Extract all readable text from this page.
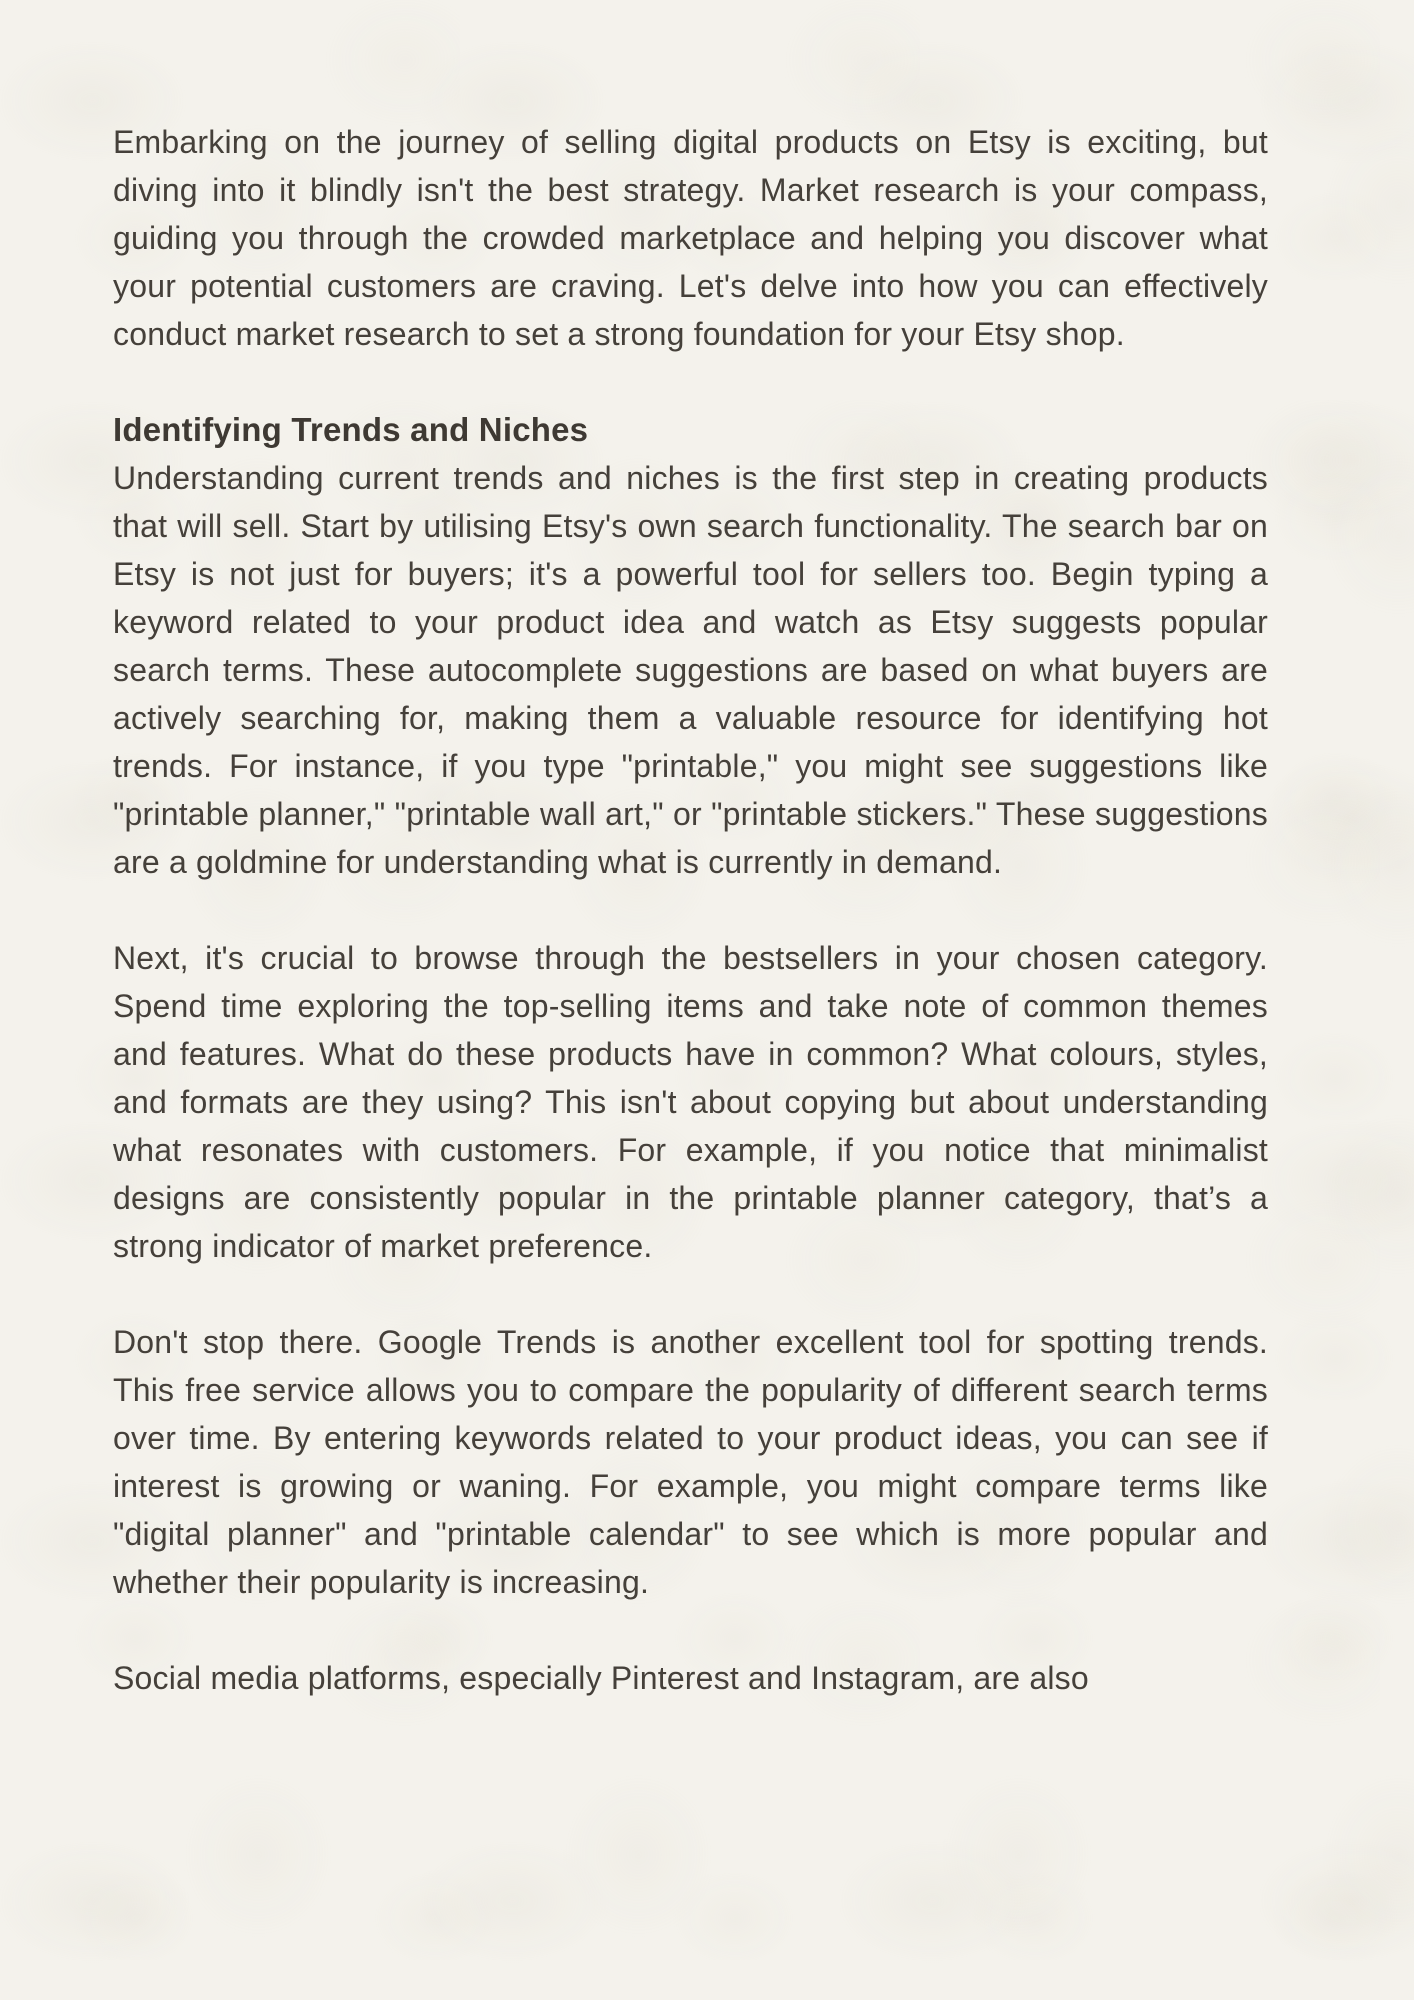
Embarking on the journey of selling digital products on Etsy is exciting, but diving into it blindly isn't the best strategy. Market research is your compass, guiding you through the crowded marketplace and helping you discover what your potential customers are craving. Let's delve into how you can effectively conduct market research to set a strong foundation for your Etsy shop.

Identifying Trends and Niches

Understanding current trends and niches is the first step in creating products that will sell. Start by utilising Etsy's own search functionality. The search bar on Etsy is not just for buyers; it's a powerful tool for sellers too. Begin typing a keyword related to your product idea and watch as Etsy suggests popular search terms. These autocomplete suggestions are based on what buyers are actively searching for, making them a valuable resource for identifying hot trends. For instance, if you type "printable," you might see suggestions like "printable planner," "printable wall art," or "printable stickers." These suggestions are a goldmine for understanding what is currently in demand.

Next, it's crucial to browse through the bestsellers in your chosen category. Spend time exploring the top-selling items and take note of common themes and features. What do these products have in common? What colours, styles, and formats are they using? This isn't about copying but about understanding what resonates with customers. For example, if you notice that minimalist designs are consistently popular in the printable planner category, that’s a strong indicator of market preference.

Don't stop there. Google Trends is another excellent tool for spotting trends. This free service allows you to compare the popularity of different search terms over time. By entering keywords related to your product ideas, you can see if interest is growing or waning. For example, you might compare terms like "digital planner" and "printable calendar" to see which is more popular and whether their popularity is increasing.

Social media platforms, especially Pinterest and Instagram, are also
